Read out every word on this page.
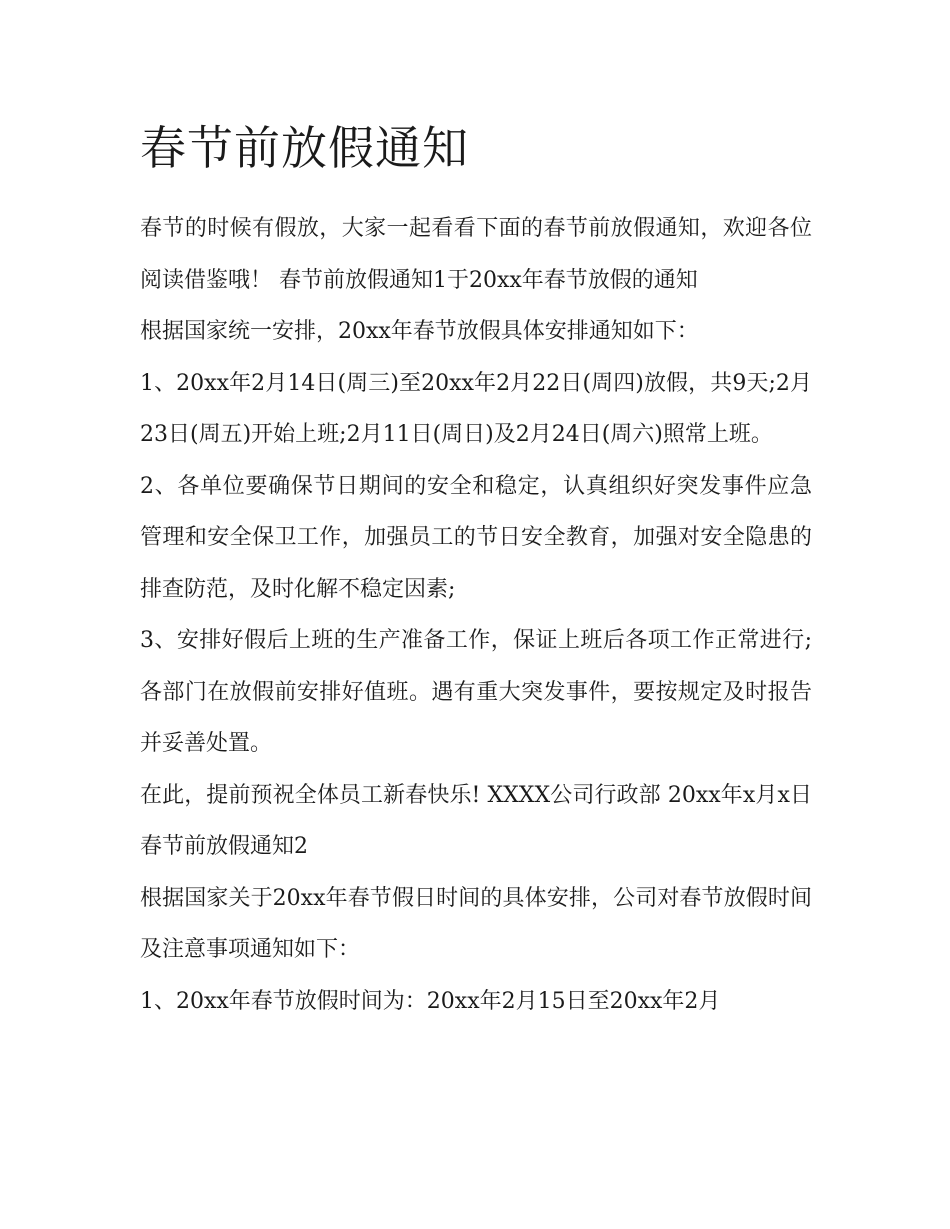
春节前放假通知

春节的时候有假放，大家一起看看下面的春节前放假通知，欢迎各位阅读借鉴哦！ 春节前放假通知1于20xx年春节放假的通知

根据国家统一安排，20xx年春节放假具体安排通知如下：

1、20xx年2月14日(周三)至20xx年2月22日(周四)放假，共9天;2月23日(周五)开始上班;2月11日(周日)及2月24日(周六)照常上班。

2、各单位要确保节日期间的安全和稳定，认真组织好突发事件应急管理和安全保卫工作，加强员工的节日安全教育，加强对安全隐患的排查防范，及时化解不稳定因素;

3、安排好假后上班的生产准备工作，保证上班后各项工作正常进行;各部门在放假前安排好值班。遇有重大突发事件，要按规定及时报告并妥善处置。

在此，提前预祝全体员工新春快乐! XXXX公司行政部 20xx年x月x日 春节前放假通知2

根据国家关于20xx年春节假日时间的具体安排，公司对春节放假时间及注意事项通知如下：

1、20xx年春节放假时间为：20xx年2月15日至20xx年2月
